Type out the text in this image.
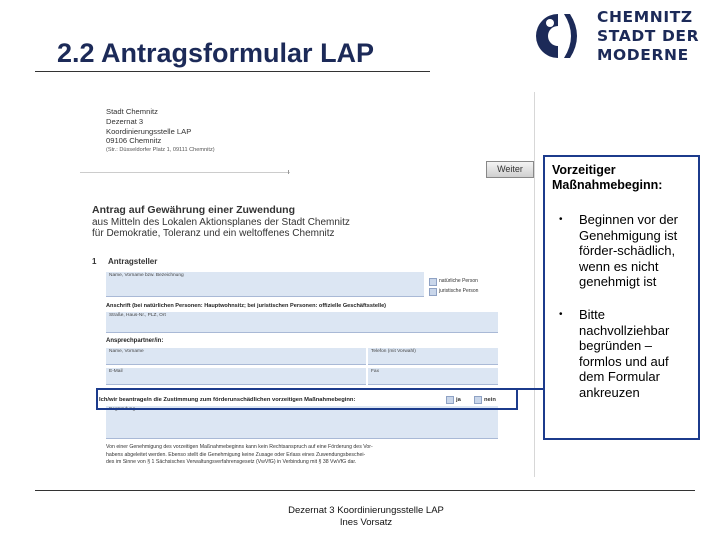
2.2 Antragsformular LAP
CHEMNITZ
STADT DER
MODERNE
Stadt Chemnitz
Dezernat 3
Koordinierungsstelle LAP
09106 Chemnitz
(Str.: Düsseldorfer Platz 1, 09111 Chemnitz)
Weiter
Antrag auf Gewährung einer Zuwendung
aus Mitteln des Lokalen Aktionsplanes der Stadt Chemnitz
für Demokratie, Toleranz und ein weltoffenes Chemnitz
1 Antragsteller
Name, Vorname bzw. Bezeichnung
natürliche Person
juristische Person
Anschrift (bei natürlichen Personen: Hauptwohnsitz; bei juristischen Personen: offizielle Geschäftsstelle)
Straße, Haus-Nr., PLZ, Ort
Ansprechpartner/in:
Name, Vorname	Telefon (mit Vorwahl)
E-Mail	Fax
Ich/wir beantrage/n die Zustimmung zum förderunschädlichen vorzeitigen Maßnahmebeginn:	ja	nein
Begründung
Von einer Genehmigung des vorzeitigen Maßnahmebeginns kann kein Rechtsanspruch auf eine Förderung des Vor-
habens abgeleitet werden. Ebenso stellt die Genehmigung keine Zusage oder Erlass eines Zuwendungsbeschei-
des im Sinne von § 1 Sächsisches Verwaltungsverfahrensgesetz (VwVfG) in Verbindung mit § 38 VwVfG dar.
Vorzeitiger Maßnahmebeginn:
• Beginnen vor der Genehmigung ist förder-schädlich, wenn es nicht genehmigt ist
• Bitte nachvollziehbar begründen – formlos und auf dem Formular ankreuzen
Dezernat 3 Koordinierungsstelle LAP
Ines Vorsatz
